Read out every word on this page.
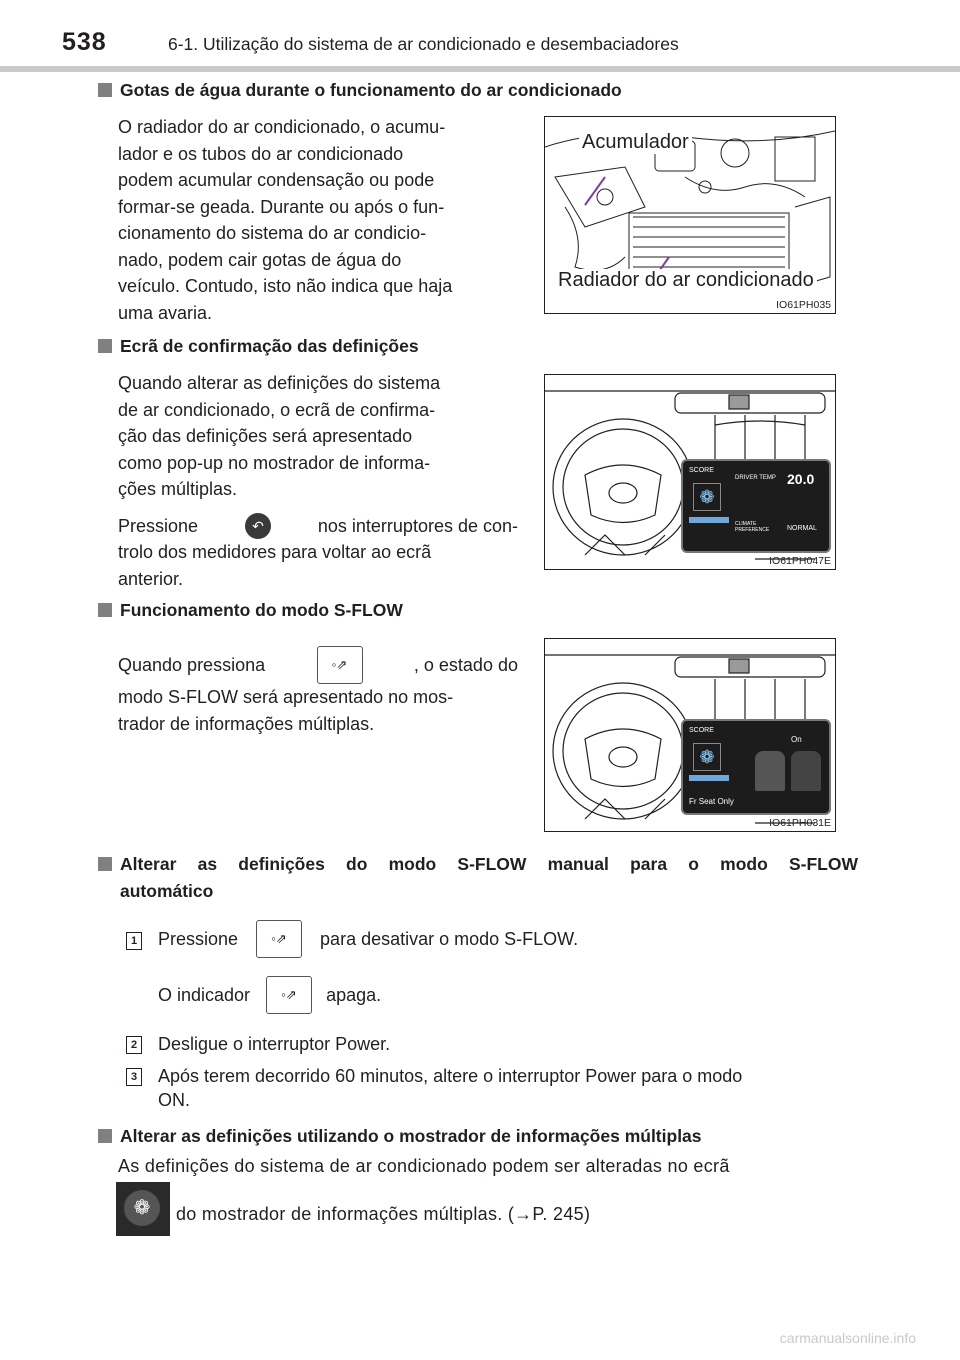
538	6-1. Utilização do sistema de ar condicionado e desembaciadores
Gotas de água durante o funcionamento do ar condicionado
O radiador do ar condicionado, o acumu-
lador e os tubos do ar condicionado
podem acumular condensação ou pode
formar-se geada. Durante ou após o fun-
cionamento do sistema do ar condicio-
nado, podem cair gotas de água do
veículo. Contudo, isto não indica que haja
uma avaria.
Acumulador
Radiador do ar condicionado
IO61PH035
Ecrã de confirmação das definições
Quando alterar as definições do sistema
de ar condicionado, o ecrã de confirma-
ção das definições será apresentado
como pop-up no mostrador de informa-
ções múltiplas.
Pressione	↶	nos interruptores de con-
trolo dos medidores para voltar ao ecrã
anterior.
SCORE
❁
DRIVER TEMP 20.0
CLIMATE
PREFERENCE	NORMAL
IO61PH047E
Funcionamento do modo S-FLOW
Quando pressiona	◦⇗	, o estado do
modo S-FLOW será apresentado no mos-
trador de informações múltiplas.	SCORE
❁
On
Fr Seat Only
IO61PH031E
Alterar as definições do modo S-FLOW manual para o modo S-FLOW
automático
1 Pressione	◦⇗	para desativar o modo S-FLOW.
O indicador	◦⇗	apaga.
2 Desligue o interruptor Power.
3 Após terem decorrido 60 minutos, altere o interruptor Power para o modo
ON.
Alterar as definições utilizando o mostrador de informações múltiplas
As definições do sistema de ar condicionado podem ser alteradas no ecrã
❁	do mostrador de informações múltiplas. (→P. 245)
carmanualsonline.info
